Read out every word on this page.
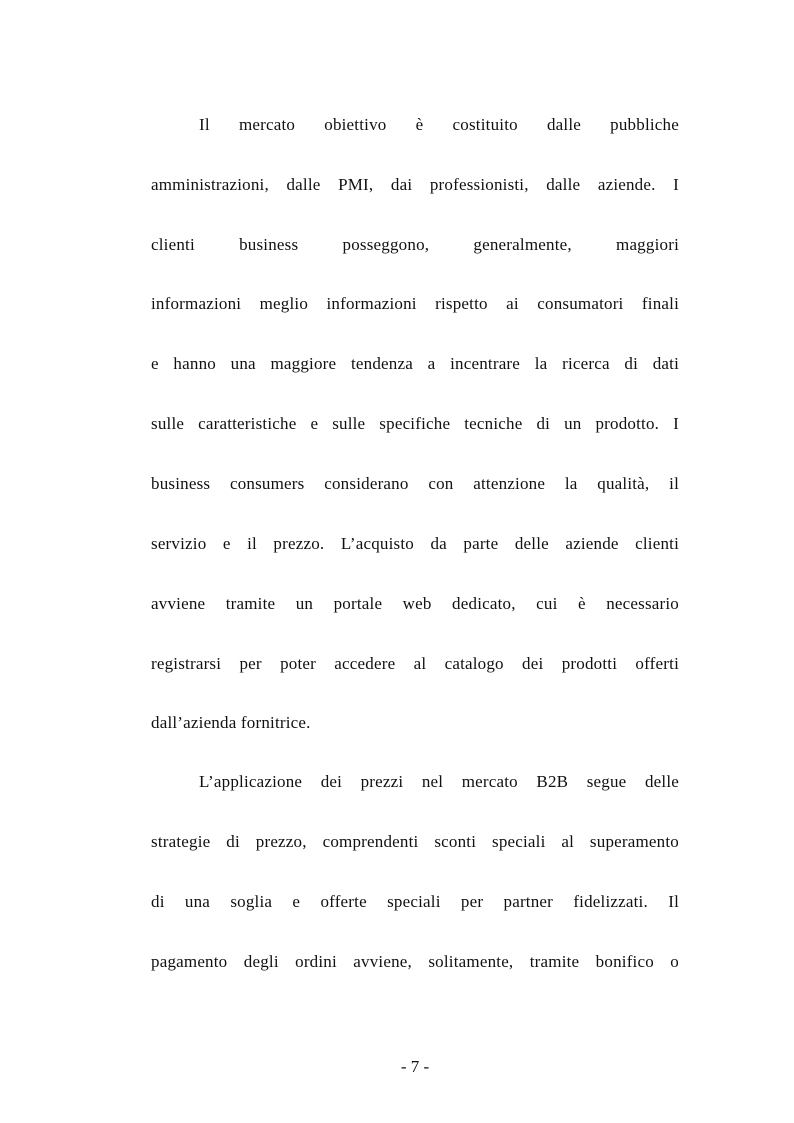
Il mercato obiettivo è costituito dalle pubbliche
amministrazioni, dalle PMI, dai professionisti, dalle aziende. I
clienti business posseggono, generalmente, maggiori
informazioni meglio informazioni rispetto ai consumatori finali
e hanno una maggiore tendenza a incentrare la ricerca di dati
sulle caratteristiche e sulle specifiche tecniche di un prodotto. I
business consumers considerano con attenzione la qualità, il
servizio e il prezzo. L’acquisto da parte delle aziende clienti
avviene tramite un portale web dedicato, cui è necessario
registrarsi per poter accedere al catalogo dei prodotti offerti
dall’azienda fornitrice.
L’applicazione dei prezzi nel mercato B2B segue delle
strategie di prezzo, comprendenti sconti speciali al superamento
di una soglia e offerte speciali per partner fidelizzati. Il
pagamento degli ordini avviene, solitamente, tramite bonifico o
- 7 -
